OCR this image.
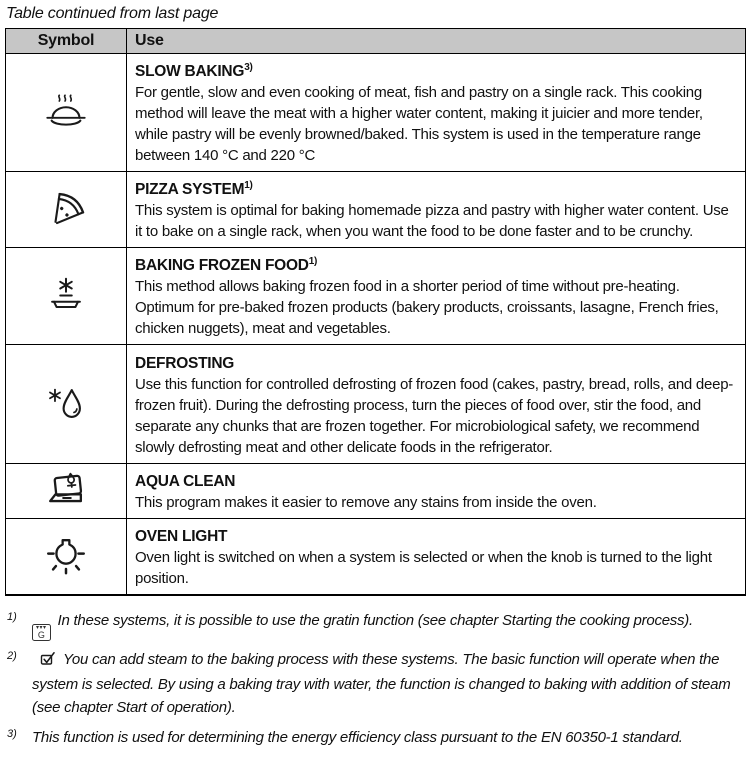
Table continued from last page

Symbol	Use

	SLOW BAKING$^{3)}$
For gentle, slow and even cooking of meat, fish and pastry on a single rack. This cooking method will leave the meat with a higher water content, making it juicier and more tender, while pastry will be evenly browned/baked. This system is used in the temperature range between 140 °C and 220 °C

	PIZZA SYSTEM$^{1)}$
This system is optimal for baking homemade pizza and pastry with higher water content. Use it to bake on a single rack, when you want the food to be done faster and to be crunchy.

	BAKING FROZEN FOOD$^{1)}$
This method allows baking frozen food in a shorter period of time without pre-heating. Optimum for pre-baked frozen products (bakery products, croissants, lasagne, French fries, chicken nuggets), meat and vegetables.

	DEFROSTING
Use this function for controlled defrosting of frozen food (cakes, pastry, bread, rolls, and deep-frozen fruit). During the defrosting process, turn the pieces of food over, stir the food, and separate any chunks that are frozen together. For microbiological safety, we recommend slowly defrosting meat and other delicate foods in the refrigerator.

	AQUA CLEAN
This program makes it easier to remove any stains from inside the oven.

	OVEN LIGHT
Oven light is switched on when a system is selected or when the knob is turned to the light position.
1)
▾▾▾
G
In these systems, it is possible to use the gratin function (see chapter Starting the cooking process).
2)	You can add steam to the baking process with these systems. The basic function will operate when the system is selected. By using a baking tray with water, the function is changed to baking with addition of steam (see chapter Start of operation).
3) This function is used for determining the energy efficiency class pursuant to the EN 60350-1 standard.
